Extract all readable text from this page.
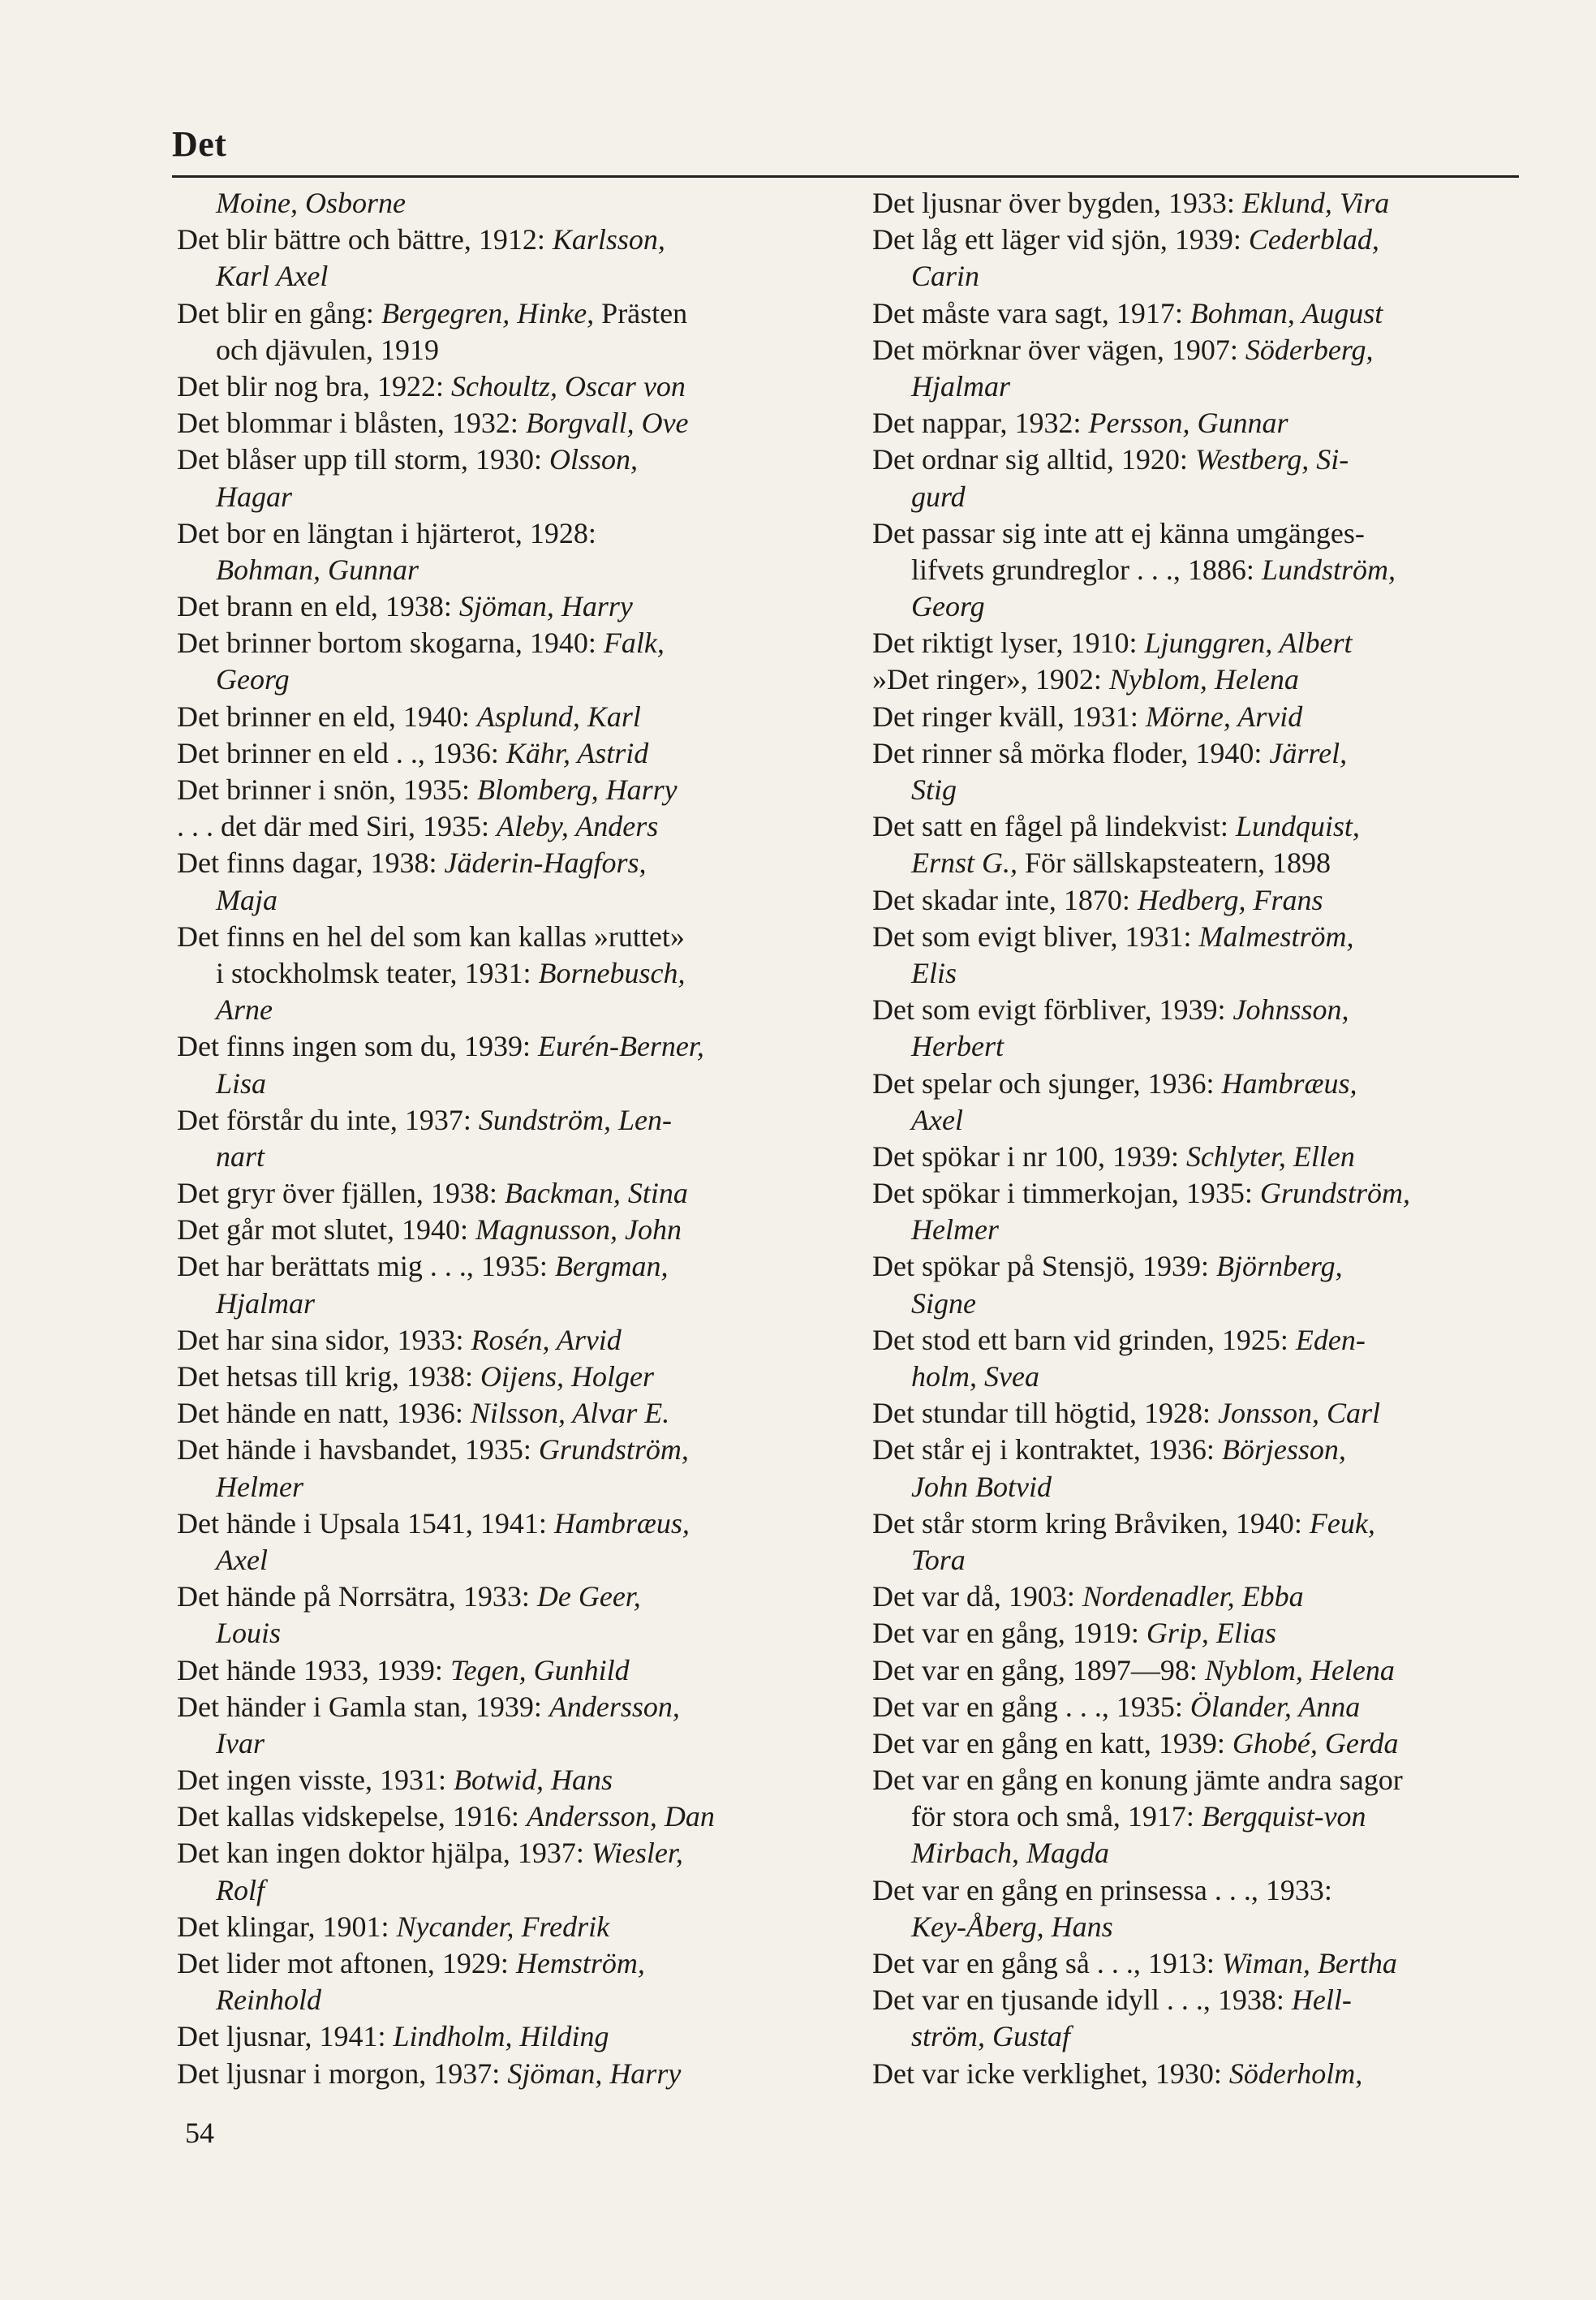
Det
Moine, Osborne
Det blir bättre och bättre, 1912: Karlsson,
Karl Axel
Det blir en gång: Bergegren, Hinke, Prästen
och djävulen, 1919
Det blir nog bra, 1922: Schoultz, Oscar von
Det blommar i blåsten, 1932: Borgvall, Ove
Det blåser upp till storm, 1930: Olsson,
Hagar
Det bor en längtan i hjärterot, 1928:
Bohman, Gunnar
Det brann en eld, 1938: Sjöman, Harry
Det brinner bortom skogarna, 1940: Falk,
Georg
Det brinner en eld, 1940: Asplund, Karl
Det brinner en eld . ., 1936: Kähr, Astrid
Det brinner i snön, 1935: Blomberg, Harry
. . . det där med Siri, 1935: Aleby, Anders
Det finns dagar, 1938: Jäderin-Hagfors,
Maja
Det finns en hel del som kan kallas »ruttet»
i stockholmsk teater, 1931: Bornebusch,
Arne
Det finns ingen som du, 1939: Eurén-Berner,
Lisa
Det förstår du inte, 1937: Sundström, Len-
nart
Det gryr över fjällen, 1938: Backman, Stina
Det går mot slutet, 1940: Magnusson, John
Det har berättats mig . . ., 1935: Bergman,
Hjalmar
Det har sina sidor, 1933: Rosén, Arvid
Det hetsas till krig, 1938: Oijens, Holger
Det hände en natt, 1936: Nilsson, Alvar E.
Det hände i havsbandet, 1935: Grundström,
Helmer
Det hände i Upsala 1541, 1941: Hambræus,
Axel
Det hände på Norrsätra, 1933: De Geer,
Louis
Det hände 1933, 1939: Tegen, Gunhild
Det händer i Gamla stan, 1939: Andersson,
Ivar
Det ingen visste, 1931: Botwid, Hans
Det kallas vidskepelse, 1916: Andersson, Dan
Det kan ingen doktor hjälpa, 1937: Wiesler,
Rolf
Det klingar, 1901: Nycander, Fredrik
Det lider mot aftonen, 1929: Hemström,
Reinhold
Det ljusnar, 1941: Lindholm, Hilding
Det ljusnar i morgon, 1937: Sjöman, Harry
Det ljusnar över bygden, 1933: Eklund, Vira
Det låg ett läger vid sjön, 1939: Cederblad,
Carin
Det måste vara sagt, 1917: Bohman, August
Det mörknar över vägen, 1907: Söderberg,
Hjalmar
Det nappar, 1932: Persson, Gunnar
Det ordnar sig alltid, 1920: Westberg, Si-
gurd
Det passar sig inte att ej känna umgänges-
lifvets grundreglor . . ., 1886: Lundström,
Georg
Det riktigt lyser, 1910: Ljunggren, Albert
»Det ringer», 1902: Nyblom, Helena
Det ringer kväll, 1931: Mörne, Arvid
Det rinner så mörka floder, 1940: Järrel,
Stig
Det satt en fågel på lindekvist: Lundquist,
Ernst G., För sällskapsteatern, 1898
Det skadar inte, 1870: Hedberg, Frans
Det som evigt bliver, 1931: Malmeström,
Elis
Det som evigt förbliver, 1939: Johnsson,
Herbert
Det spelar och sjunger, 1936: Hambræus,
Axel
Det spökar i nr 100, 1939: Schlyter, Ellen
Det spökar i timmerkojan, 1935: Grundström,
Helmer
Det spökar på Stensjö, 1939: Björnberg,
Signe
Det stod ett barn vid grinden, 1925: Eden-
holm, Svea
Det stundar till högtid, 1928: Jonsson, Carl
Det står ej i kontraktet, 1936: Börjesson,
John Botvid
Det står storm kring Bråviken, 1940: Feuk,
Tora
Det var då, 1903: Nordenadler, Ebba
Det var en gång, 1919: Grip, Elias
Det var en gång, 1897—98: Nyblom, Helena
Det var en gång . . ., 1935: Ölander, Anna
Det var en gång en katt, 1939: Ghobé, Gerda
Det var en gång en konung jämte andra sagor
för stora och små, 1917: Bergquist-von
Mirbach, Magda
Det var en gång en prinsessa . . ., 1933:
Key-Åberg, Hans
Det var en gång så . . ., 1913: Wiman, Bertha
Det var en tjusande idyll . . ., 1938: Hell-
ström, Gustaf
Det var icke verklighet, 1930: Söderholm,
54
